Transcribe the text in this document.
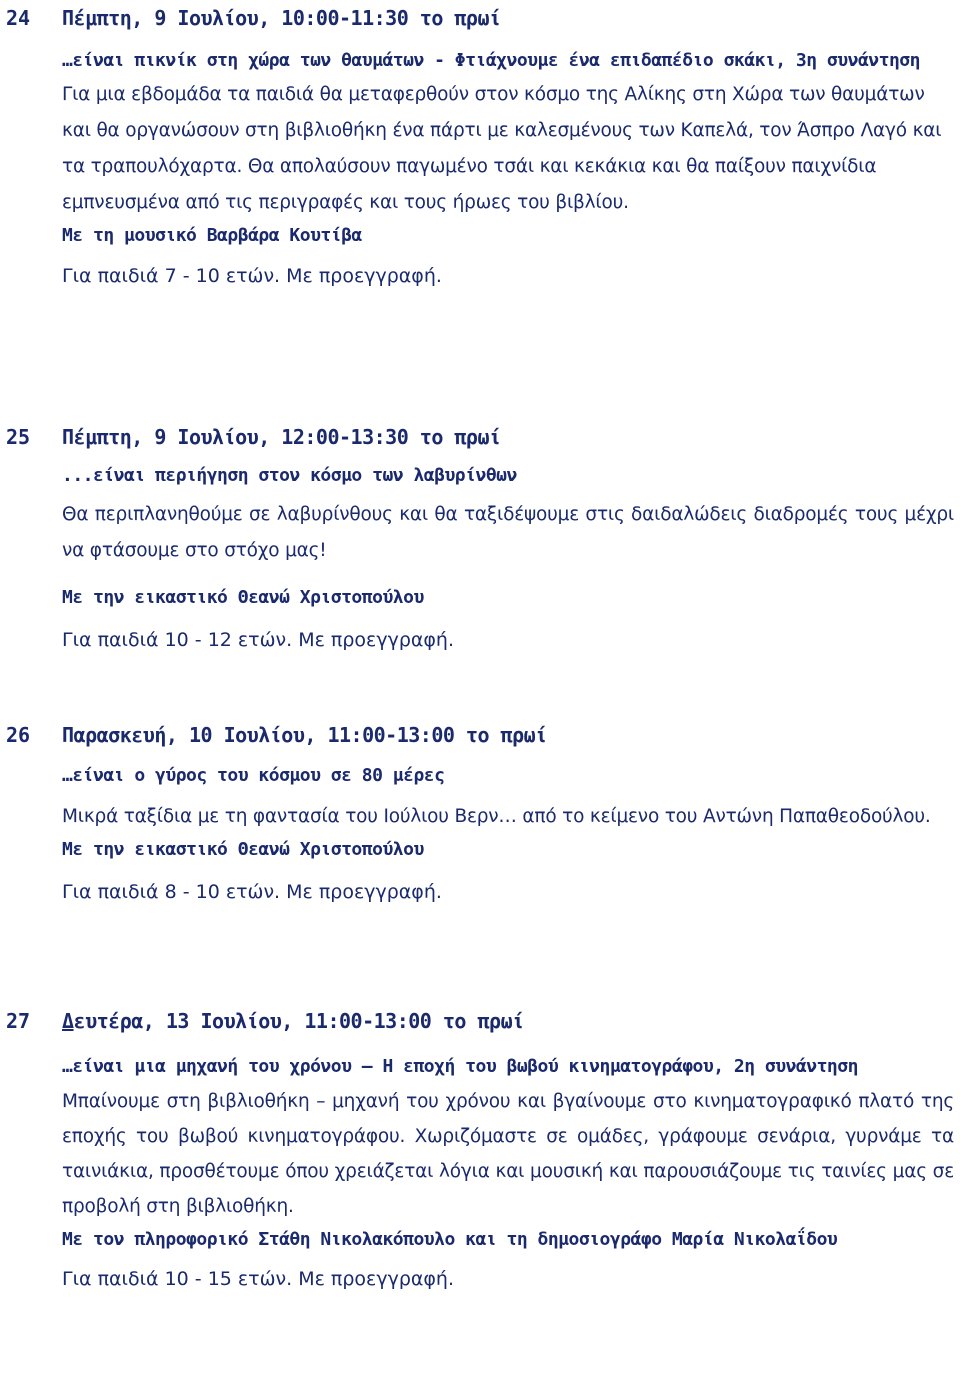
24 Πέμπτη, 9 Ιουλίου, 10:00-11:30 το πρωί
…είναι πικνίκ στη χώρα των θαυμάτων - Φτιάχνουμε ένα επιδαπέδιο σκάκι, 3η συνάντηση
Για μια εβδομάδα τα παιδιά θα μεταφερθούν στον κόσμο της Αλίκης στη Χώρα των θαυμάτων και θα οργανώσουν στη βιβλιοθήκη ένα πάρτι με καλεσμένους των Καπελά, τον Άσπρο Λαγό και τα τραπουλόχαρτα. Θα απολαύσουν παγωμένο τσάι και κεκάκια και θα παίξουν παιχνίδια εμπνευσμένα από τις περιγραφές και τους ήρωες του βιβλίου.
Με τη μουσικό Βαρβάρα Κουτίβα
Για παιδιά 7 - 10 ετών. Με προεγγραφή.
25 Πέμπτη, 9 Ιουλίου, 12:00-13:30 το πρωί
...είναι περιήγηση στον κόσμο των λαβυρίνθων
Θα περιπλανηθούμε σε λαβυρίνθους και θα ταξιδέψουμε στις δαιδαλώδεις διαδρομές τους μέχρι να φτάσουμε στο στόχο μας!
Με την εικαστικό Θεανώ Χριστοπούλου
Για παιδιά 10 - 12 ετών. Με προεγγραφή.
26 Παρασκευή, 10 Ιουλίου, 11:00-13:00 το πρωί
…είναι ο γύρος του κόσμου σε 80 μέρες
Μικρά ταξίδια με τη φαντασία του Ιούλιου Βερν… από το κείμενο του Αντώνη Παπαθεοδούλου.
Με την εικαστικό Θεανώ Χριστοπούλου
Για παιδιά 8 - 10 ετών. Με προεγγραφή.
27 Δευτέρα, 13 Ιουλίου, 11:00-13:00 το πρωί
…είναι μια μηχανή του χρόνου – Η εποχή του βωβού κινηματογράφου, 2η συνάντηση
Μπαίνουμε στη βιβλιοθήκη – μηχανή του χρόνου και βγαίνουμε στο κινηματογραφικό πλατό της εποχής του βωβού κινηματογράφου. Χωριζόμαστε σε ομάδες, γράφουμε σενάρια, γυρνάμε τα ταινιάκια, προσθέτουμε όπου χρειάζεται λόγια και μουσική και παρουσιάζουμε τις ταινίες μας σε προβολή στη βιβλιοθήκη.
Με τον πληροφορικό Στάθη Νικολακόπουλο και τη δημοσιογράφο Μαρία Νικολαΐδου
Για παιδιά 10 - 15 ετών. Με προεγγραφή.
